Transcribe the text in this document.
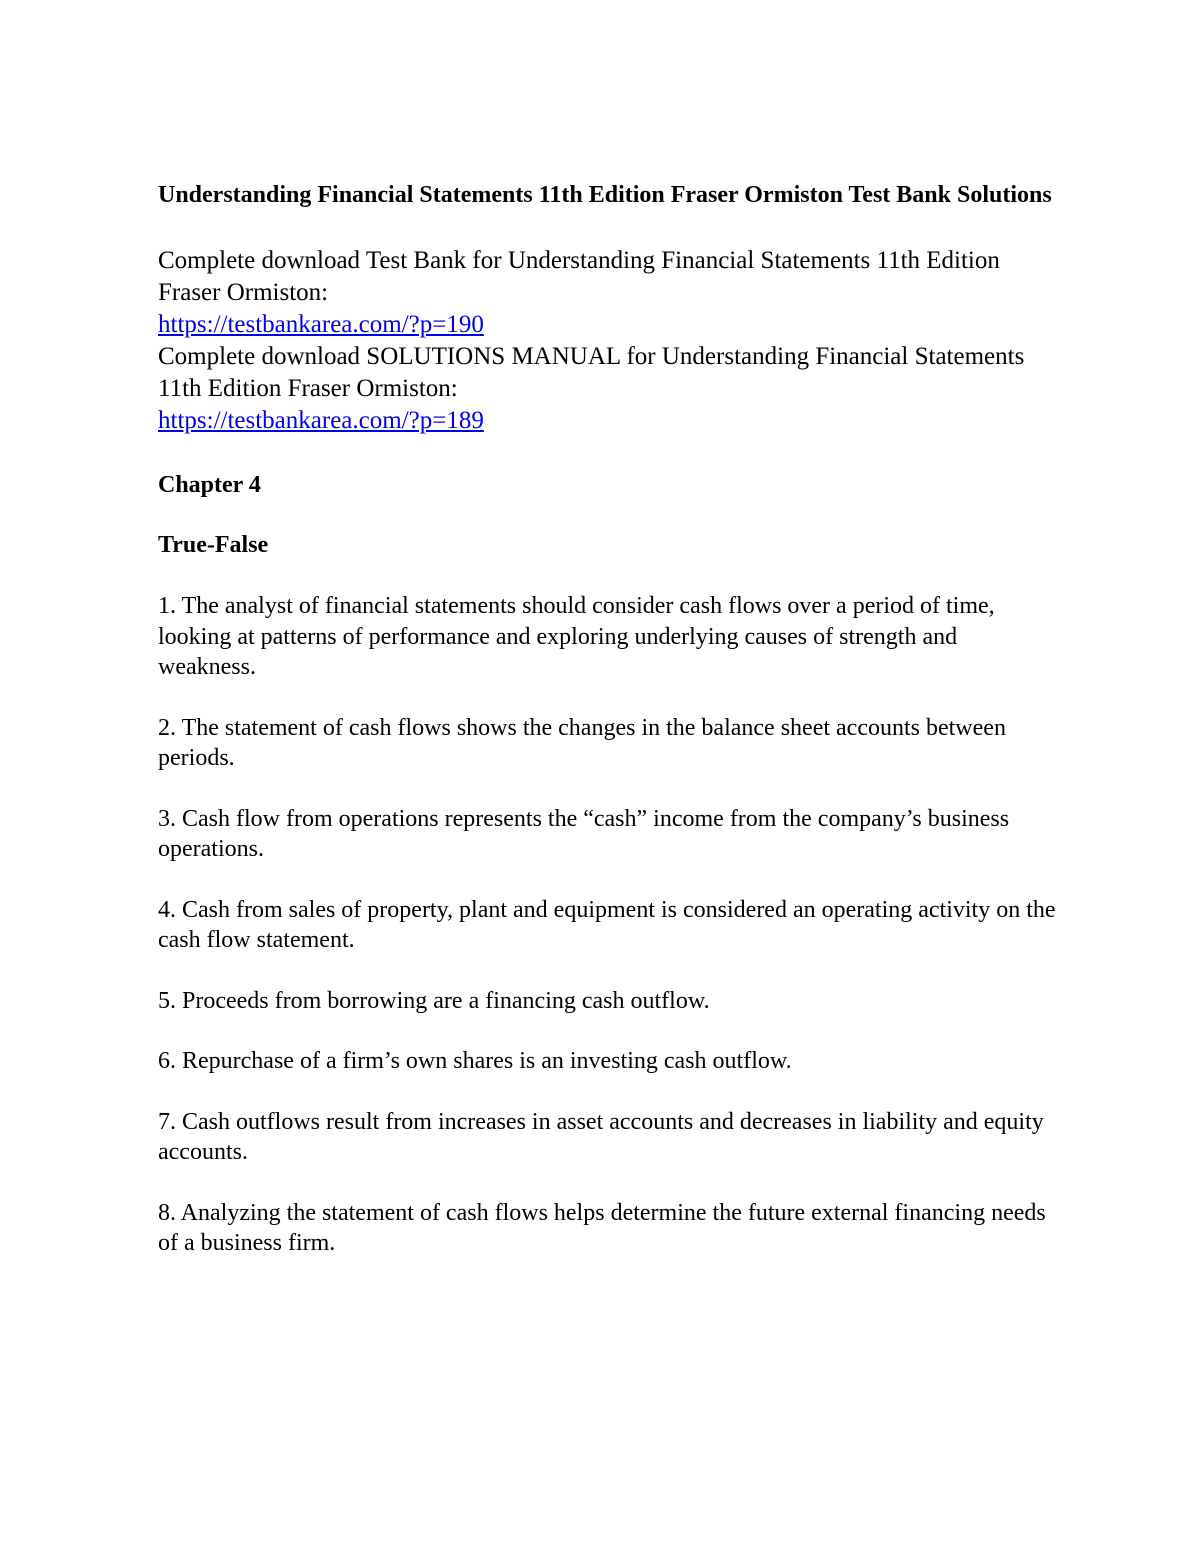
Understanding Financial Statements 11th Edition Fraser Ormiston Test Bank Solutions
Complete download Test Bank for Understanding Financial Statements 11th Edition Fraser Ormiston:
https://testbankarea.com/?p=190
Complete download SOLUTIONS MANUAL for Understanding Financial Statements 11th Edition Fraser Ormiston:
https://testbankarea.com/?p=189
Chapter 4
True-False
1. The analyst of financial statements should consider cash flows over a period of time, looking at patterns of performance and exploring underlying causes of strength and weakness.
2. The statement of cash flows shows the changes in the balance sheet accounts between periods.
3. Cash flow from operations represents the “cash” income from the company’s business operations.
4. Cash from sales of property, plant and equipment is considered an operating activity on the cash flow statement.
5. Proceeds from borrowing are a financing cash outflow.
6. Repurchase of a firm’s own shares is an investing cash outflow.
7. Cash outflows result from increases in asset accounts and decreases in liability and equity accounts.
8. Analyzing the statement of cash flows helps determine the future external financing needs of a business firm.
